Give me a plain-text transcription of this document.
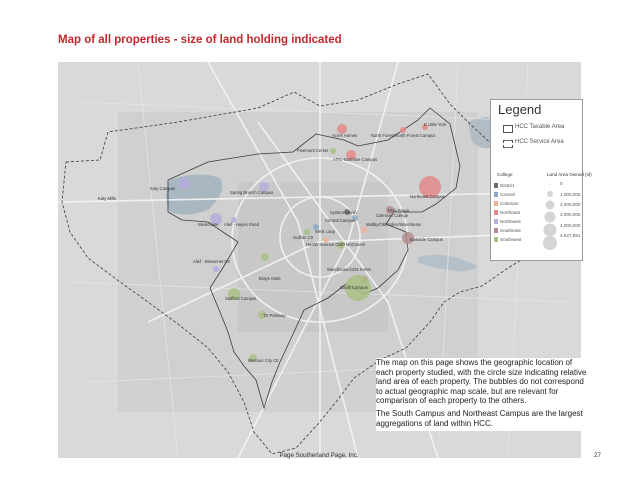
Map of all properties - size of land holding indicated
E Little York
Acres Homes	North Forest/North Forest Campus
Pinemont Center
ATIC-Northline Campus
Katy Mills
Katy Campus
Spring Branch Campus
Northeast Campus
Felix Fraga
Eastside Campus
West Loop
Westchase Alief - Hayes Road
System Admin
Central Campus
Coleman College
Maltby/Old Police/Warehouse
Gulfton Ctr
Health Science Ctr JP McGovern
Alief - Bissonnet Ctr
Warehouse/4434 Kelvin
South Campus
Brays Oaks
Stafford Campus
TX Parkway
Missouri City Ctr
Legend
HCC Taxable Area
HCC Service Area
College	Land Area Owned (sf)
District
Central
Coleman
Northeast
Northwest
Southeast
Southwest
0
1,000,000
2,000,000
3,000,000
4,000,000
4,627,881

The map on this page shows the geographic location of each property studied, with the circle size indicating relative land area of each property. The bubbles do not correspond to actual geographic map scale, but are relevant for comparison of each property to the others.

The South Campus and Northeast Campus are the largest aggregations of land within HCC.

Page Southerland Page, Inc.	27
